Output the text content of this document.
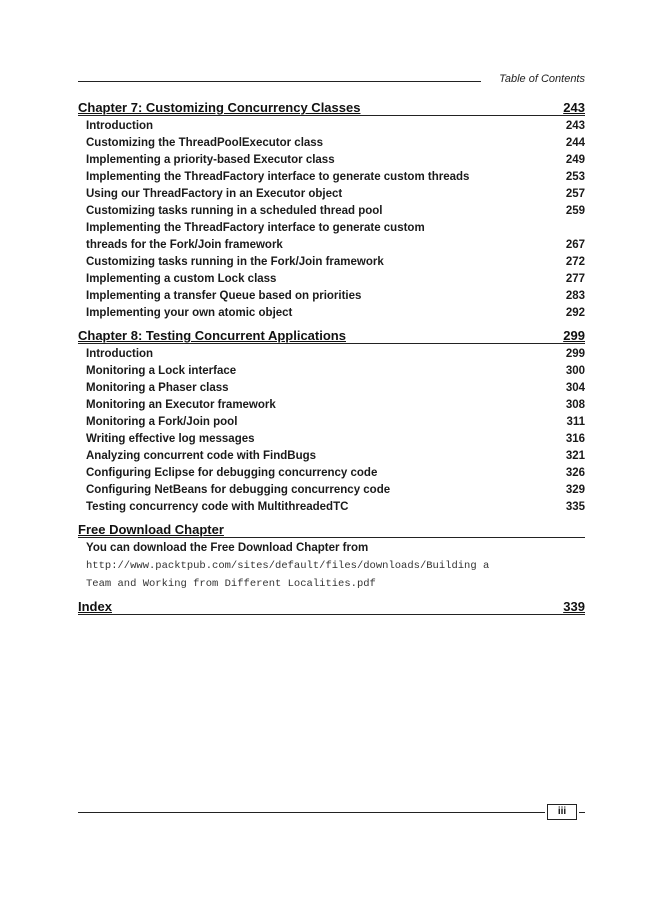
Table of Contents
Chapter 7: Customizing Concurrency Classes	243
Introduction	243
Customizing the ThreadPoolExecutor class	244
Implementing a priority-based Executor class	249
Implementing the ThreadFactory interface to generate custom threads	253
Using our ThreadFactory in an Executor object	257
Customizing tasks running in a scheduled thread pool	259
Implementing the ThreadFactory interface to generate custom
threads for the Fork/Join framework	267
Customizing tasks running in the Fork/Join framework	272
Implementing a custom Lock class	277
Implementing a transfer Queue based on priorities	283
Implementing your own atomic object	292
Chapter 8: Testing Concurrent Applications	299
Introduction	299
Monitoring a Lock interface	300
Monitoring a Phaser class	304
Monitoring an Executor framework	308
Monitoring a Fork/Join pool	311
Writing effective log messages	316
Analyzing concurrent code with FindBugs	321
Configuring Eclipse for debugging concurrency code	326
Configuring NetBeans for debugging concurrency code	329
Testing concurrency code with MultithreadedTC	335
Free Download Chapter
You can download the Free Download Chapter from
http://www.packtpub.com/sites/default/files/downloads/Building a
Team and Working from Different Localities.pdf
Index	339
iii
